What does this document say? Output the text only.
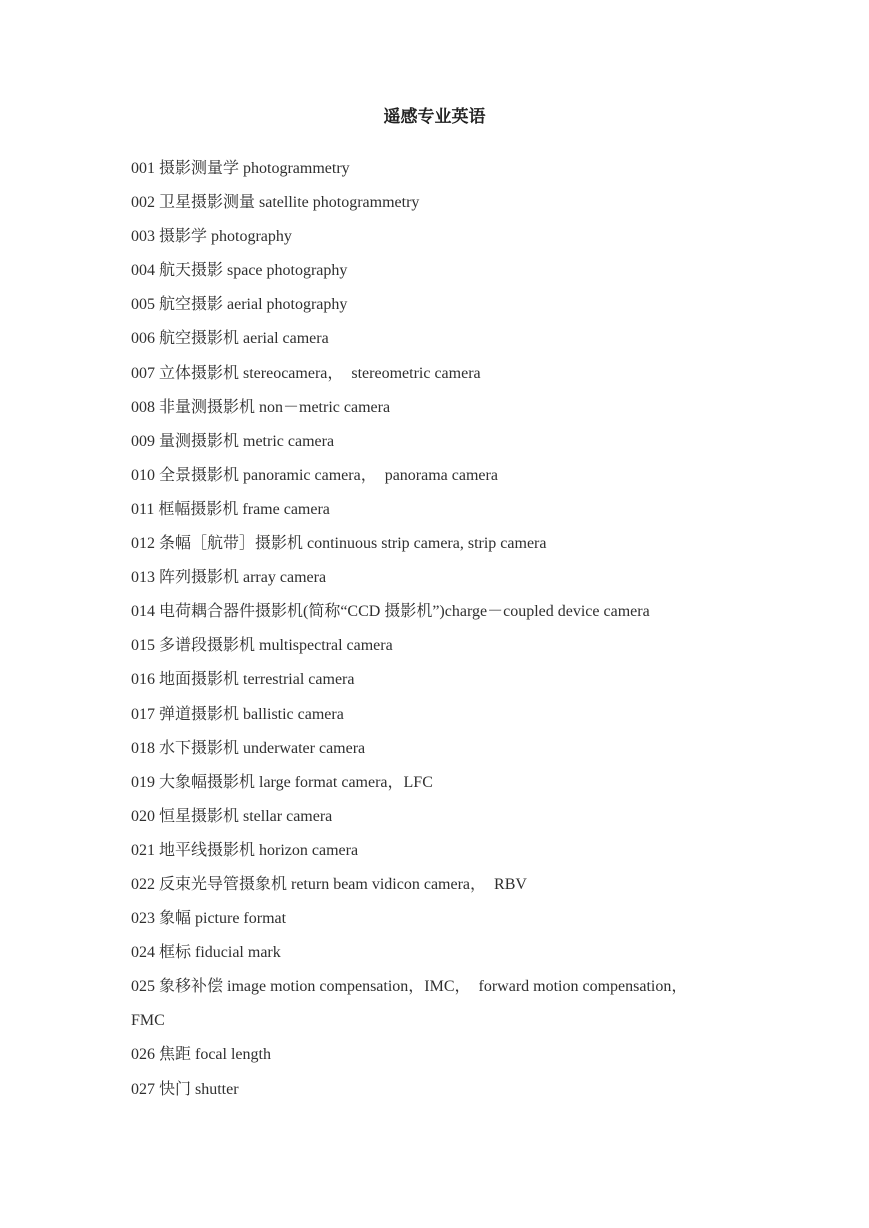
遥感专业英语
001 摄影测量学 photogrammetry
002 卫星摄影测量 satellite photogrammetry
003 摄影学 photography
004 航天摄影 space photography
005 航空摄影 aerial photography
006 航空摄影机 aerial camera
007 立体摄影机 stereocamera，  stereometric camera
008 非量测摄影机 non－metric camera
009 量测摄影机 metric camera
010 全景摄影机 panoramic camera，  panorama camera
011 框幅摄影机 frame camera
012 条幅［航带］摄影机 continuous strip camera, strip camera
013 阵列摄影机 array camera
014 电荷耦合器件摄影机(简称“CCD 摄影机”)charge－coupled device camera
015 多谱段摄影机 multispectral camera
016 地面摄影机 terrestrial camera
017 弹道摄影机 ballistic camera
018 水下摄影机 underwater camera
019 大象幅摄影机 large format camera，LFC
020 恒星摄影机 stellar camera
021 地平线摄影机 horizon camera
022 反束光导管摄象机 return beam vidicon camera，  RBV
023 象幅 picture format
024 框标 fiducial mark
025 象移补偿 image motion compensation，IMC，  forward motion compensation，
FMC
026 焦距 focal length
027 快门 shutter
